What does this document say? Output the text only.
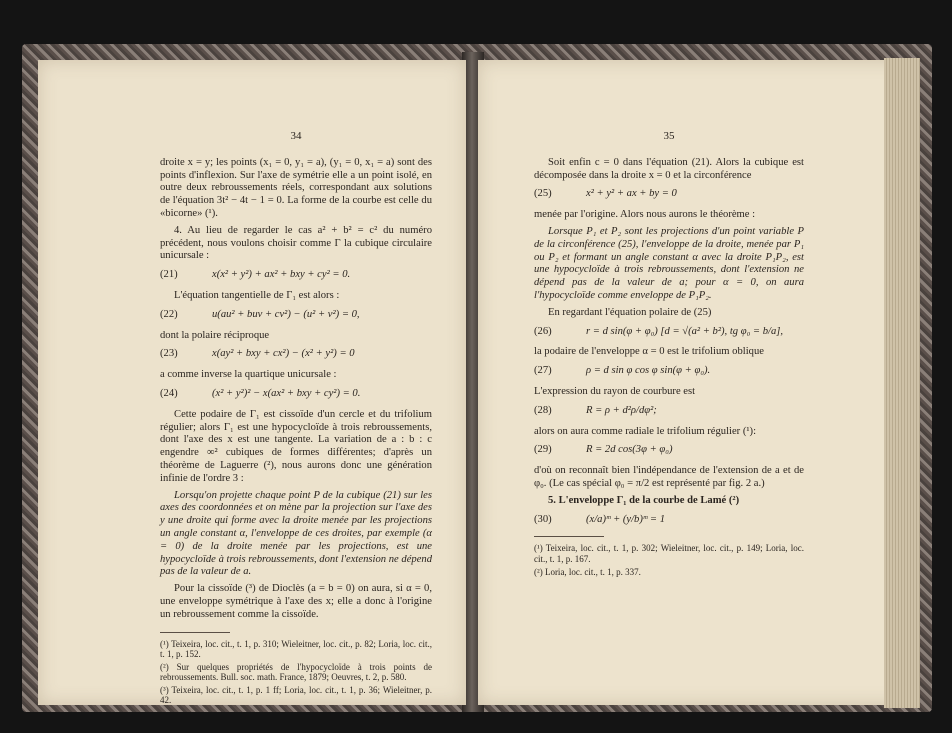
34

droite x = y; les points (x₁ = 0, y₁ = a), (y₁ = 0, x₁ = a) sont des points d'inflexion. Sur l'axe de symétrie elle a un point isolé, en outre deux rebroussements réels, correspondant aux solutions de l'équation 3t² − 4t − 1 = 0. La forme de la courbe est celle du «bicorne» (¹).

4. Au lieu de regarder le cas a² + b² = c² du numéro précédent, nous voulons choisir comme Γ la cubique circulaire unicursale :

(21)	x(x² + y²) + ax² + bxy + cy² = 0.

L'équation tangentielle de Γ₁ est alors :

(22)	u(au² + buv + cv²) − (u² + v²) = 0,

dont la polaire réciproque

(23)	x(ay² + bxy + cx²) − (x² + y²) = 0

a comme inverse la quartique unicursale :

(24)	(x² + y²)² − x(ax² + bxy + cy²) = 0.

Cette podaire de Γ₁ est cissoïde d'un cercle et du trifolium régulier; alors Γ₁ est une hypocycloïde à trois rebroussements, dont l'axe des x est une tangente. La variation de a : b : c engendre ∞² cubiques de formes différentes; d'après un théorème de Laguerre (²), nous aurons donc une génération infinie de l'ordre 3 :

Lorsqu'on projette chaque point P de la cubique (21) sur les axes des coordonnées et on mène par la projection sur l'axe des y une droite qui forme avec la droite menée par les projections un angle constant α, l'enveloppe de ces droites, par exemple (α = 0) de la droite menée par les projections, est une hypocycloïde à trois rebroussements, dont l'extension ne dépend pas de la valeur de a.

Pour la cissoïde (³) de Dioclès (a = b = 0) on aura, si α = 0, une enveloppe symétrique à l'axe des x; elle a donc à l'origine un rebroussement comme la cissoïde.

(¹) Teixeira, loc. cit., t. 1, p. 310; Wieleitner, loc. cit., p. 82; Loria, loc. cit., t. 1, p. 152.

(²) Sur quelques propriétés de l'hypocycloïde à trois points de rebroussements. Bull. soc. math. France, 1879; Oeuvres, t. 2, p. 580.

(³) Teixeira, loc. cit., t. 1, p. 1 ff; Loria, loc. cit., t. 1, p. 36; Wieleitner, p. 42.

35

Soit enfin c = 0 dans l'équation (21). Alors la cubique est décomposée dans la droite x = 0 et la circonférence

(25)	x² + y² + ax + by = 0

menée par l'origine. Alors nous aurons le théorème :

Lorsque P₁ et P₂ sont les projections d'un point variable P de la circonférence (25), l'enveloppe de la droite, menée par P₁ ou P₂ et formant un angle constant α avec la droite P₁P₂, est une hypocycloïde à trois rebroussements, dont l'extension ne dépend pas de la valeur de a; pour α = 0, on aura l'hypocycloïde comme enveloppe de P₁P₂.

En regardant l'équation polaire de (25)

(26)	r = d sin(φ + φ₀) [d = √(a² + b²), tg φ₀ = b/a],

la podaire de l'enveloppe α = 0 est le trifolium oblique

(27)	ρ = d sin φ cos φ sin(φ + φ₀).

L'expression du rayon de courbure est

(28)	R = ρ + d²ρ/dφ²;

alors on aura comme radiale le trifolium régulier (¹):

(29)	R = 2d cos(3φ + φ₀)

d'où on reconnaît bien l'indépendance de l'extension de a et de φ₀. (Le cas spécial φ₀ = π/2 est représenté par fig. 2 a.)

5. L'enveloppe Γ₁ de la courbe de Lamé (²)

(30)	(x/a)ᵐ + (y/b)ᵐ = 1

(¹) Teixeira, loc. cit., t. 1, p. 302; Wieleitner, loc. cit., p. 149; Loria, loc. cit., t. 1, p. 167.

(²) Loria, loc. cit., t. 1, p. 337.
